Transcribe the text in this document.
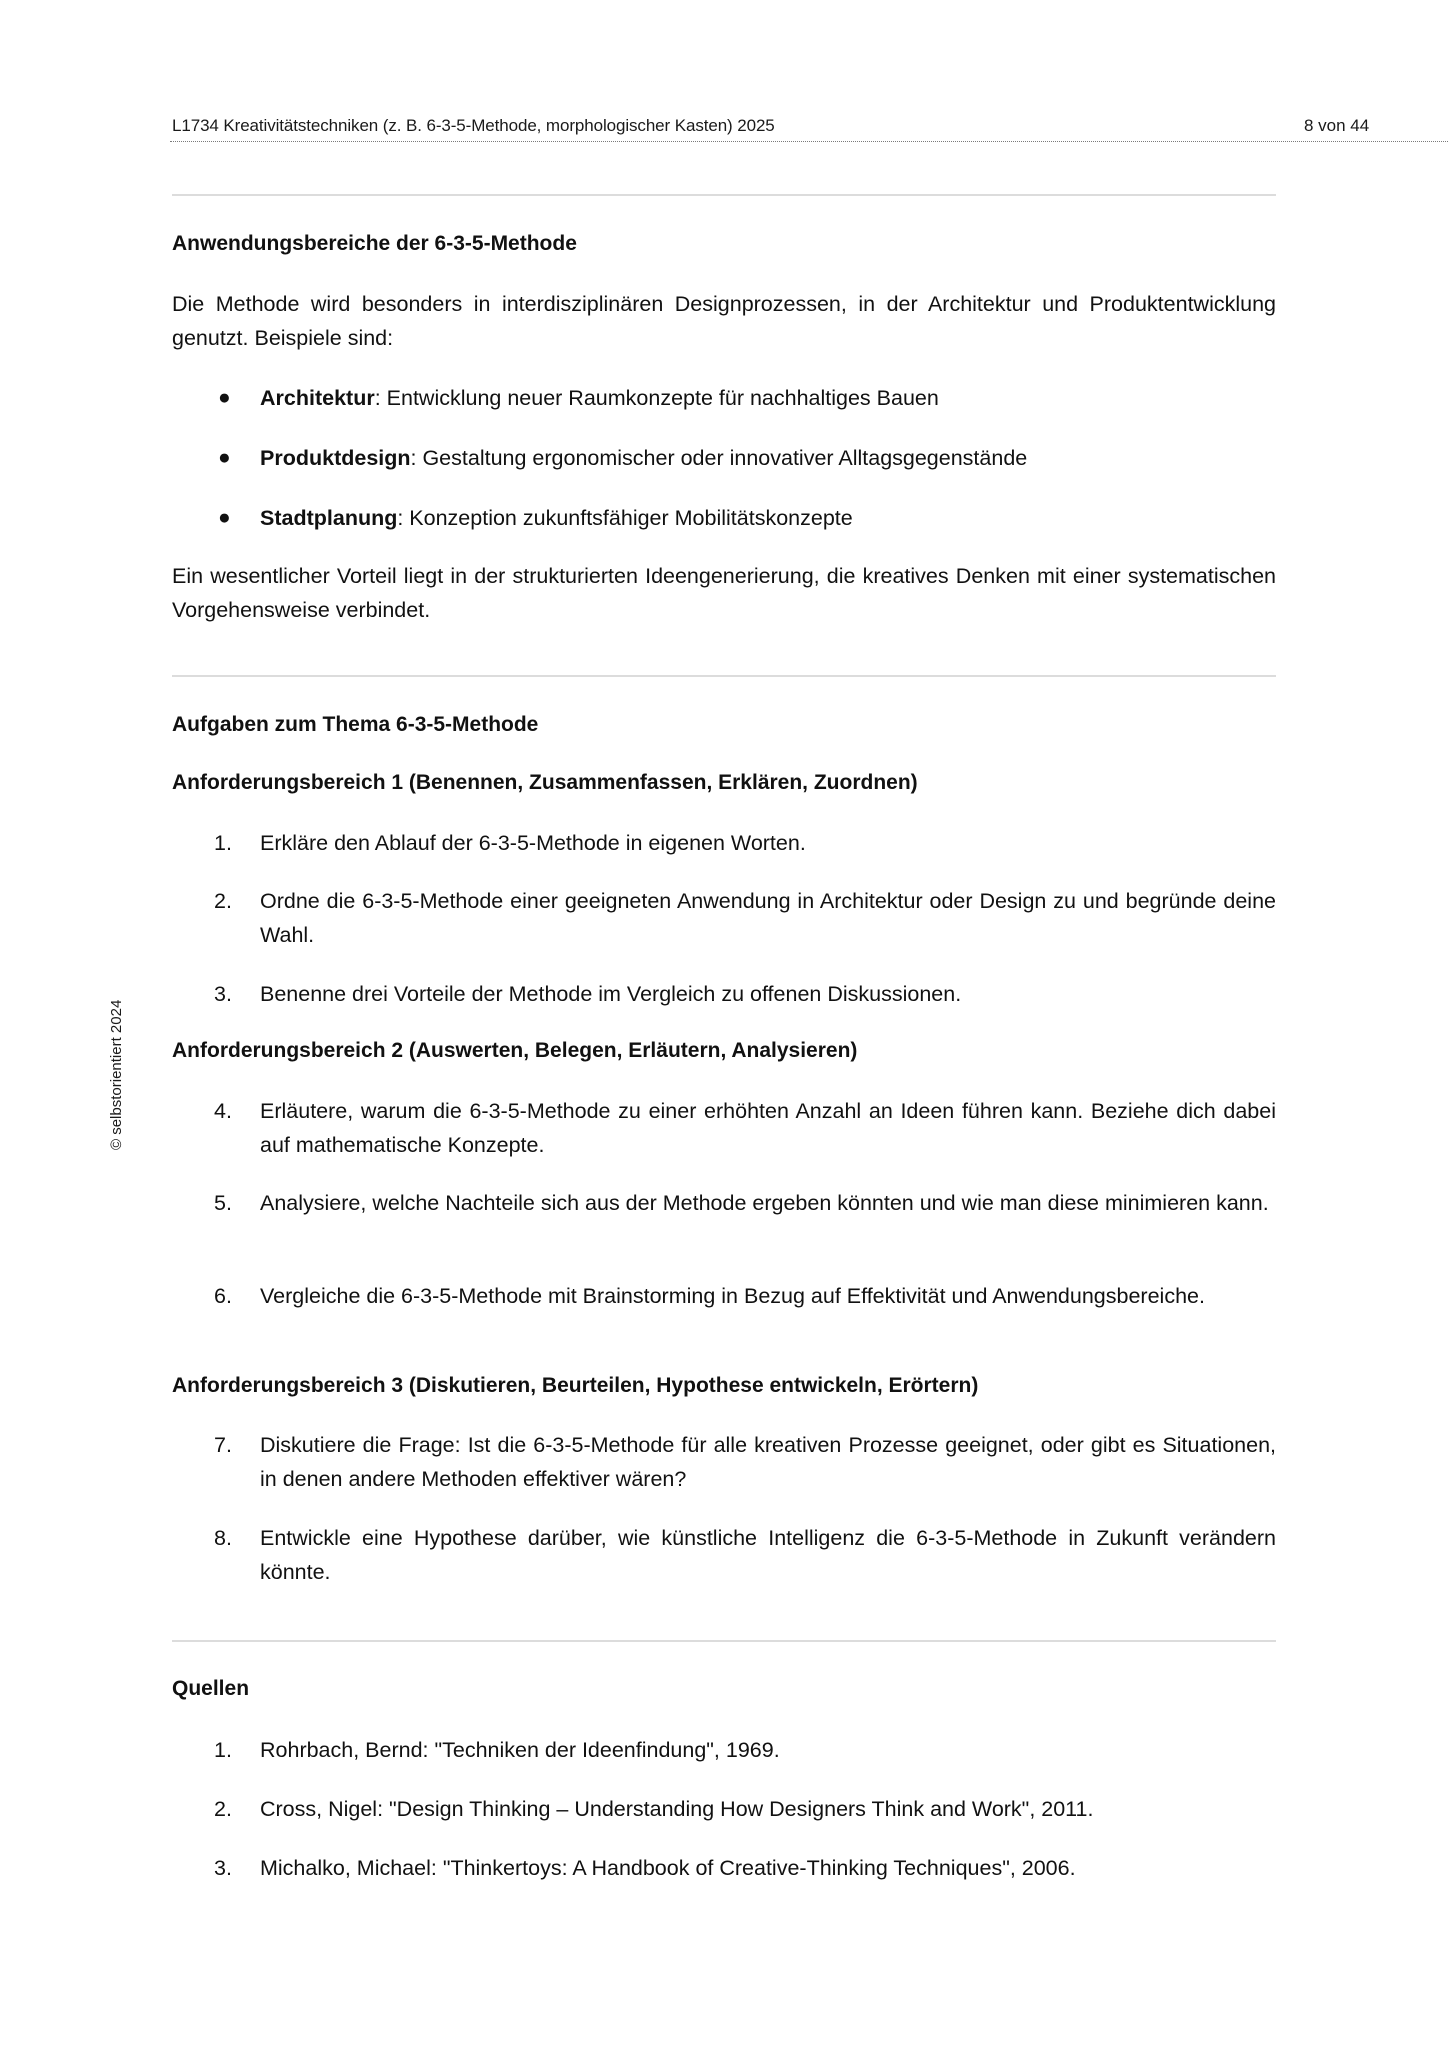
L1734 Kreativitätstechniken (z. B. 6-3-5-Methode, morphologischer Kasten) 2025	8 von 44
© selbstorientiert 2024
Anwendungsbereiche der 6-3-5-Methode
Die Methode wird besonders in interdisziplinären Designprozessen, in der Architektur und Produktentwicklung genutzt. Beispiele sind:
● Architektur: Entwicklung neuer Raumkonzepte für nachhaltiges Bauen
● Produktdesign: Gestaltung ergonomischer oder innovativer Alltagsgegenstände
● Stadtplanung: Konzeption zukunftsfähiger Mobilitätskonzepte
Ein wesentlicher Vorteil liegt in der strukturierten Ideengenerierung, die kreatives Denken mit einer systematischen Vorgehensweise verbindet.
Aufgaben zum Thema 6-3-5-Methode
Anforderungsbereich 1 (Benennen, Zusammenfassen, Erklären, Zuordnen)
1. Erkläre den Ablauf der 6-3-5-Methode in eigenen Worten.
2. Ordne die 6-3-5-Methode einer geeigneten Anwendung in Architektur oder Design zu und begründe deine Wahl.
3. Benenne drei Vorteile der Methode im Vergleich zu offenen Diskussionen.
Anforderungsbereich 2 (Auswerten, Belegen, Erläutern, Analysieren)
4. Erläutere, warum die 6-3-5-Methode zu einer erhöhten Anzahl an Ideen führen kann. Beziehe dich dabei auf mathematische Konzepte.
5. Analysiere, welche Nachteile sich aus der Methode ergeben könnten und wie man diese minimieren kann.
6. Vergleiche die 6-3-5-Methode mit Brainstorming in Bezug auf Effektivität und Anwendungsbereiche.
Anforderungsbereich 3 (Diskutieren, Beurteilen, Hypothese entwickeln, Erörtern)
7. Diskutiere die Frage: Ist die 6-3-5-Methode für alle kreativen Prozesse geeignet, oder gibt es Situationen, in denen andere Methoden effektiver wären?
8. Entwickle eine Hypothese darüber, wie künstliche Intelligenz die 6-3-5-Methode in Zukunft verändern könnte.
Quellen
1. Rohrbach, Bernd: "Techniken der Ideenfindung", 1969.
2. Cross, Nigel: "Design Thinking – Understanding How Designers Think and Work", 2011.
3. Michalko, Michael: "Thinkertoys: A Handbook of Creative-Thinking Techniques", 2006.
